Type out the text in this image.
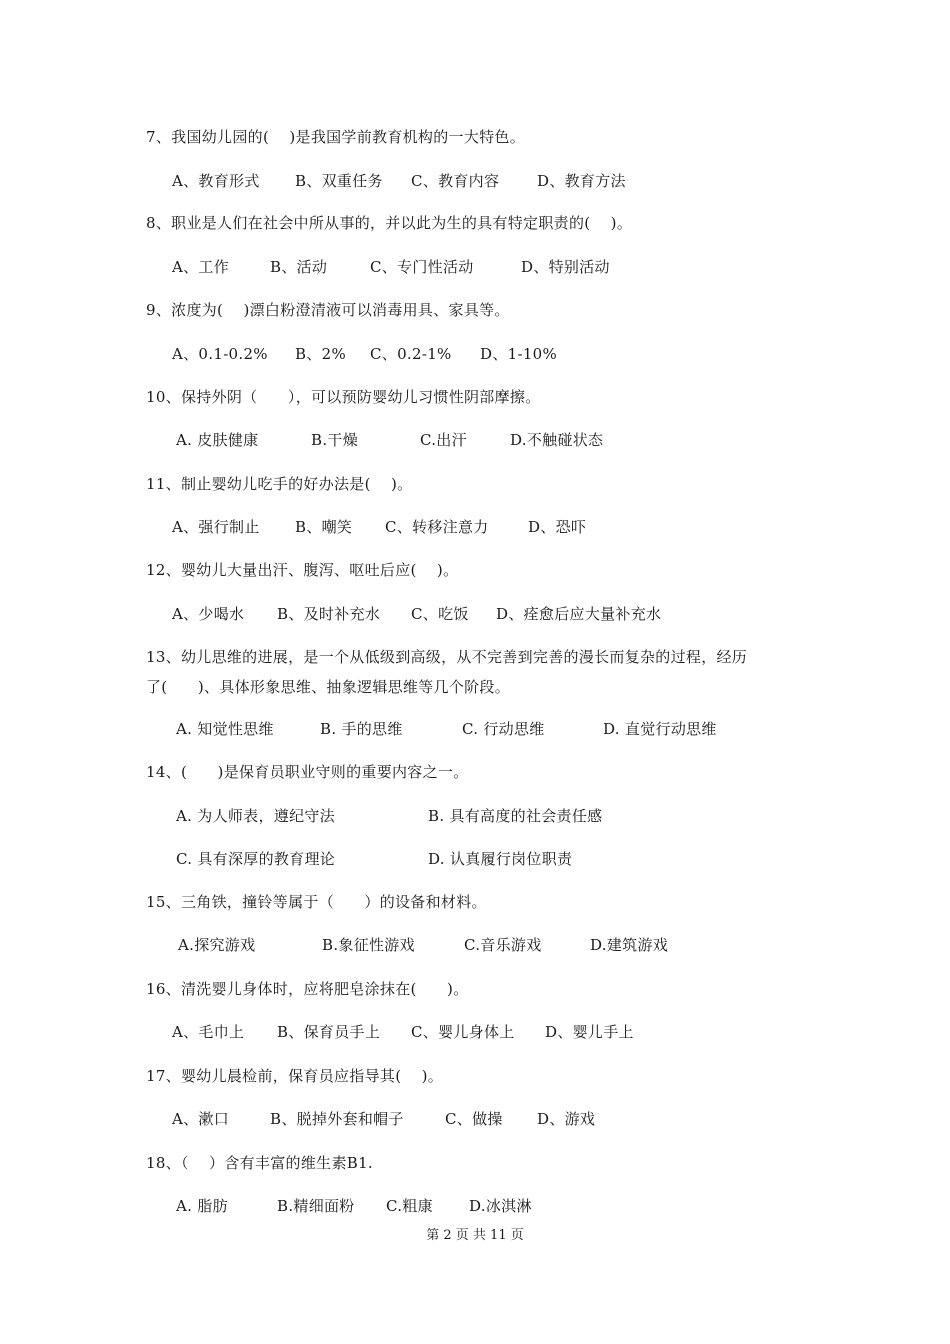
7、我国幼儿园的(    )是我国学前教育机构的一大特色。
A、教育形式 B、双重任务 C、教育内容	D、教育方法
8、职业是人们在社会中所从事的，并以此为生的具有特定职责的(    )。
A、工作	B、活动	C、专门性活动	D、特别活动
9、浓度为(    )漂白粉澄清液可以消毒用具、家具等。
A、0.1-0.2% B、2% C、0.2-1% D、1-10%
10、保持外阴（      ），可以预防婴幼儿习惯性阴部摩擦。
A. 皮肤健康	B.干燥	C.出汗	D.不触碰状态
11、制止婴幼儿吃手的好办法是(    )。
A、强行制止 B、嘲笑 C、转移注意力	D、恐吓
12、婴幼儿大量出汗、腹泻、呕吐后应(    )。
A、少喝水 B、及时补充水 C、吃饭 D、痊愈后应大量补充水
13、幼儿思维的进展，是一个从低级到高级，从不完善到完善的漫长而复杂的过程，经历
了(      )、具体形象思维、抽象逻辑思维等几个阶段。
A. 知觉性思维	B. 手的思维	C. 行动思维	D. 直觉行动思维
14、(      )是保育员职业守则的重要内容之一。
A. 为人师表，遵纪守法	B. 具有高度的社会责任感
C. 具有深厚的教育理论	D. 认真履行岗位职责
15、三角铁，撞铃等属于（      ）的设备和材料。
A.探究游戏	B.象征性游戏	C.音乐游戏	D.建筑游戏
16、清洗婴儿身体时，应将肥皂涂抹在(      )。
A、毛巾上 B、保育员手上 C、婴儿身体上 D、婴儿手上
17、婴幼儿晨检前，保育员应指导其(    )。
A、漱口	B、脱掉外套和帽子	C、做操 D、游戏
18、（    ）含有丰富的维生素B1.
A. 脂肪	B.精细面粉 C.粗康 D.冰淇淋
第 2 页 共 11 页
